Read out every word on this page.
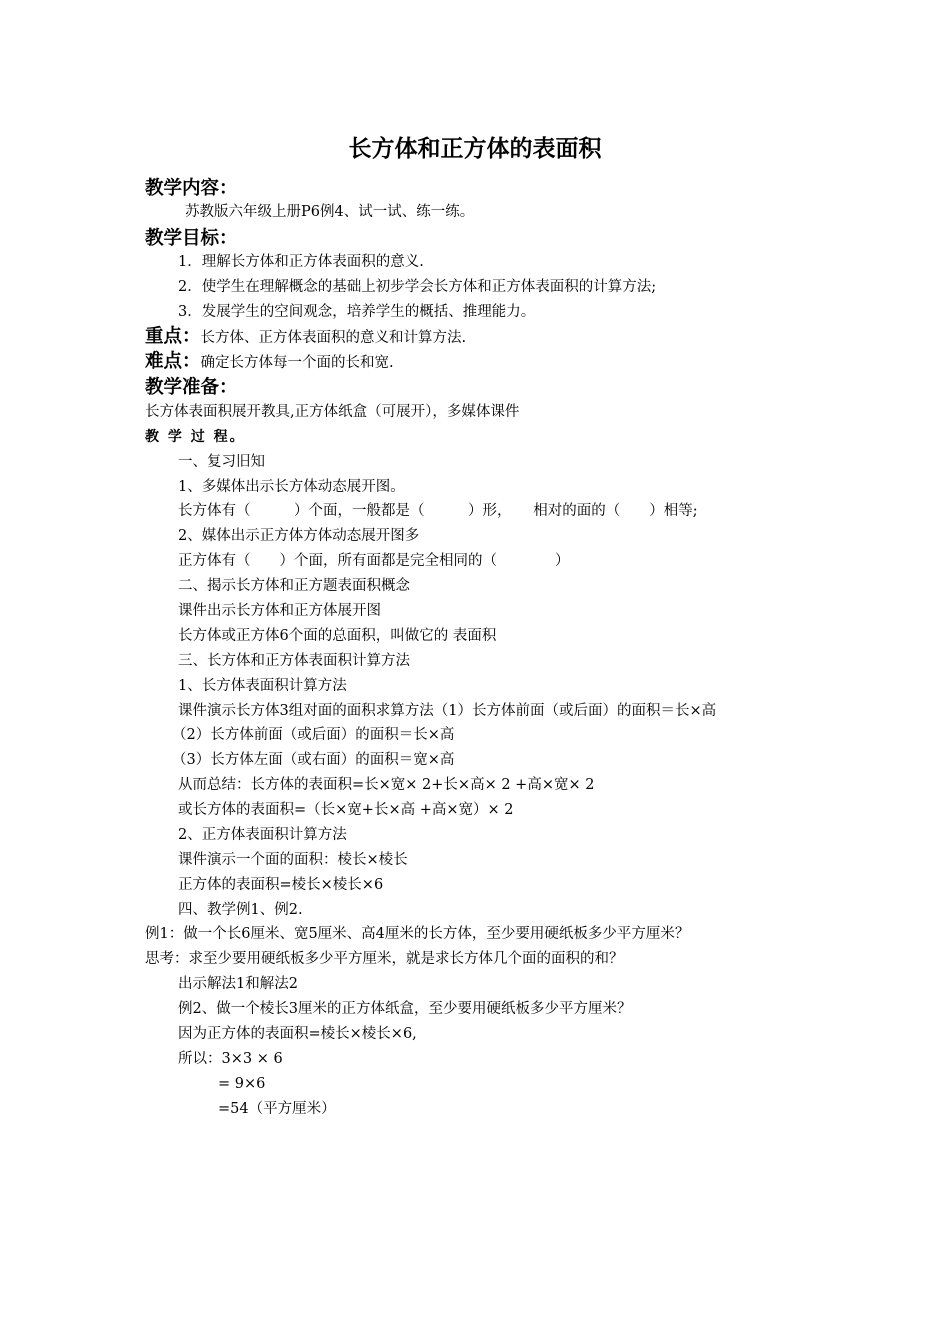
长方体和正方体的表面积
教学内容：
苏教版六年级上册P6例4、试一试、练一练。
教学目标：
1．理解长方体和正方体表面积的意义.
2．使学生在理解概念的基础上初步学会长方体和正方体表面积的计算方法;
3．发展学生的空间观念，培养学生的概括、推理能力。
重点：长方体、正方体表面积的意义和计算方法.
难点：确定长方体每一个面的长和宽.
教学准备：
长方体表面积展开教具,正方体纸盒（可展开），多媒体课件
教 学 过 程。
一、复习旧知
1、多媒体出示长方体动态展开图。
长方体有（　　　）个面，一般都是（　　　）形，　　相对的面的（　　）相等;
2、媒体出示正方体方体动态展开图多
正方体有（　　）个面，所有面都是完全相同的（　　　　）
二、揭示长方体和正方题表面积概念
课件出示长方体和正方体展开图
长方体或正方体6个面的总面积，叫做它的 表面积
三、长方体和正方体表面积计算方法
1、长方体表面积计算方法
课件演示长方体3组对面的面积求算方法（1）长方体前面（或后面）的面积＝长×高
（2）长方体前面（或后面）的面积＝长×高
（3）长方体左面（或右面）的面积＝宽×高
从而总结：长方体的表面积=长×宽× 2+长×高× 2 +高×宽× 2
或长方体的表面积=（长×宽+长×高 +高×宽）× 2
2、正方体表面积计算方法
课件演示一个面的面积：棱长×棱长
正方体的表面积=棱长×棱长×6
四、教学例1、例2.
例1：做一个长6厘米、宽5厘米、高4厘米的长方体，至少要用硬纸板多少平方厘米？
思考：求至少要用硬纸板多少平方厘米，就是求长方体几个面的面积的和？
出示解法1和解法2
例2、做一个棱长3厘米的正方体纸盒，至少要用硬纸板多少平方厘米？
因为正方体的表面积=棱长×棱长×6,
所以：3×3 × 6
= 9×6
=54（平方厘米）
